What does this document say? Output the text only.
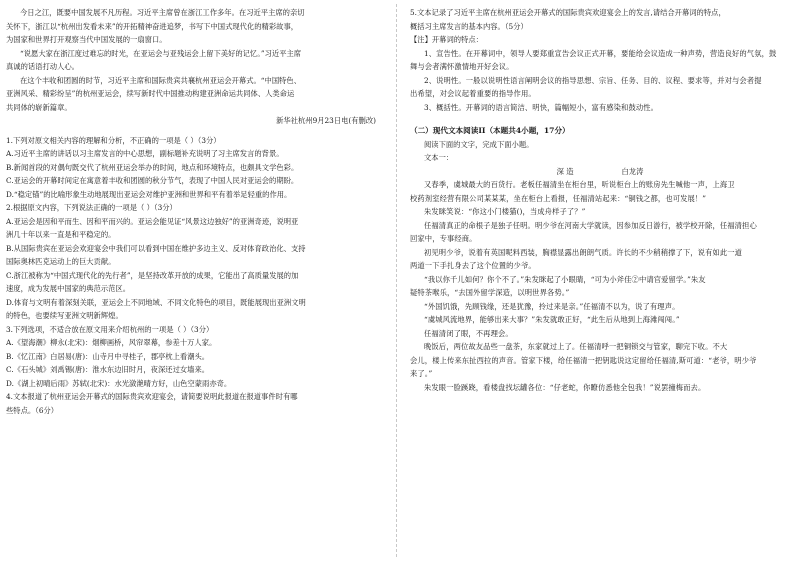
今日之江，既要中国发展不凡历程。习近平主席曾在浙江工作多年。在习近平主席的亲切

关怀下，浙江以“杭州出发看未来”的开拓精神奋进追梦，书写下中国式现代化的精彩故事，

为国家和世界打开观察当代中国发展的一扇窗口。

“说愿大家在浙江度过难忘的时光，在亚运会与亚残运会上留下美好的记忆。”习近平主席

真诚的话语打动人心。

在这个丰收和团圆的时节，习近平主席和国际贵宾共襄杭州亚运会开幕式。“中国特色、

亚洲风采、精彩纷呈”的杭州亚运会，续写新时代中国推动构建亚洲命运共同体、人类命运

共同体的崭新篇章。

新华社杭州9月23日电(有删改)

1.下列对原文相关内容的理解和分析，不正确的一项是（ ）（3分）

A.习近平主席的讲话以习主席发言的中心思想，副标题补充说明了习主席发言的背景。

B.新闻首段的对偶句既交代了杭州亚运会举办的时间，地点和环境特点，也颇具文学色彩。

C.亚运会的开幕时间定在寓意着丰收和团圆的秋分节气，表现了中国人民对亚运会的期盼。

D.“稳定锚”的比喻形象生动地展现出亚运会对维护亚洲和世界和平有着举足轻重的作用。

2.根据原文内容，下列说法正确的一项是（ ）（3分）

A.亚运会是因和平而生、因和平而兴的。亚运会能见证“风景这边独好”的亚洲奇迹，说明亚

洲几十年以来一直是和平稳定的。

B.从国际贵宾在亚运会欢迎宴会中我们可以看到中国在维护多边主义、反对体育政治化、支持

国际奥林匹克运动上的巨大贡献。

C.浙江被称为“中国式现代化的先行者”，是坚持改革开放的成果，它能出了高质量发展的加

速度，成为发展中国家的典范示范区。

D.体育与文明有着深刻关联，亚运会上不同地域、不同文化特色的项目，既能展现出亚洲文明

的特色，也要续写亚洲文明新辉煌。

3.下列选项，不适合放在原文用来介绍杭州的一项是（ ）（3分）

A.《望海潮》柳永(北宋)：烟柳画桥，风帘翠幕，参差十万人家。

B.《忆江南》白居易(唐)：山寺月中寻桂子，郡亭枕上看潮头。

C.《石头城》刘禹锡(唐)：淮水东边旧时月，夜深还过女墙来。

D.《湖上初晴后雨》苏轼(北宋)：水光潋滟晴方好，山色空蒙雨亦奇。

4.文本报道了杭州亚运会开幕式的国际贵宾欢迎宴会，请简要说明此报道在报道事件时有哪

些特点。（6分）

5.文本记录了习近平主席在杭州亚运会开幕式的国际贵宾欢迎宴会上的发言,请结合开幕词的特点，

概括习主席发言的基本内容。（5分）

【注】开幕词的特点：

1、宣告性。在开幕词中，领导人要郑重宣告会议正式开幕，要能给会议造成一种声势，营造良好的气氛，鼓

舞与会者满怀激情地开好会议。

2、说明性。一般以说明性语言阐明会议的指导思想、宗旨、任务、目的、议程、要求等，并对与会者提

出希望，对会议起着重要的指导作用。

3、概括性。开幕词的语言简洁、明快，篇幅短小，富有感染和鼓动性。

（二）现代文本阅读II（本题共4小题，17分）

阅读下面的文字，完成下面小题。

文本一：

深 造	白龙涛

又春季，虞城最大的百货行。老板任福清坐在柜台里，听说柜台上的账房先生喊他一声，上海卫

校药剂室经营有限公司某某某，坐在柜台上看报，任福清站起来：“铜钱之都，也可发展！”

朱发眯笑说：“你这小门楼猫()，当成舟样子了？”

任福清真正的命根子是独子任明。明少爷在河南大学就读，因参加反日游行，被学校开除，任福清担心

回家中，专事经商。

初见明少爷，说着有英国呢料西装，胸襟显露出朗朗气质。许长的不少稍稍撑了下，说有如此一道

两道一下手扎身去了这个位置的少爷。

“我以你千儿如何？你个不了。”朱发眯起了小眼睛，“可为小斧佳②中请官爱留学。”朱友

疑特茶喉乐，“去国外留学深造，以明世界各势。”

“外国饥饿，先顾钱缘，还是犹豫，拎过来是亲。”任福清不以为，说了有理声。

“虞城风流地界，能够出来大事？”朱发就敢正好，“此生后从地到上海滩闯闯。”

任福清闭了眼，不再理会。

晚饭后，两位故友品些一盘茶，东家就过上了。任福清呼一把铜锁交与管家，聊完下收。不大

会儿，楼上传来东扯西拉的声音。管家下楼，给任福清一把钥匙说这定留给任福清,斯可道：“老爷，明少爷

来了。”

朱发眼一脸蹊跷，看楼盘找坛罐各位：“仔老蛇，你瞭仿悉他全包我！”说罢撞梅而去。
